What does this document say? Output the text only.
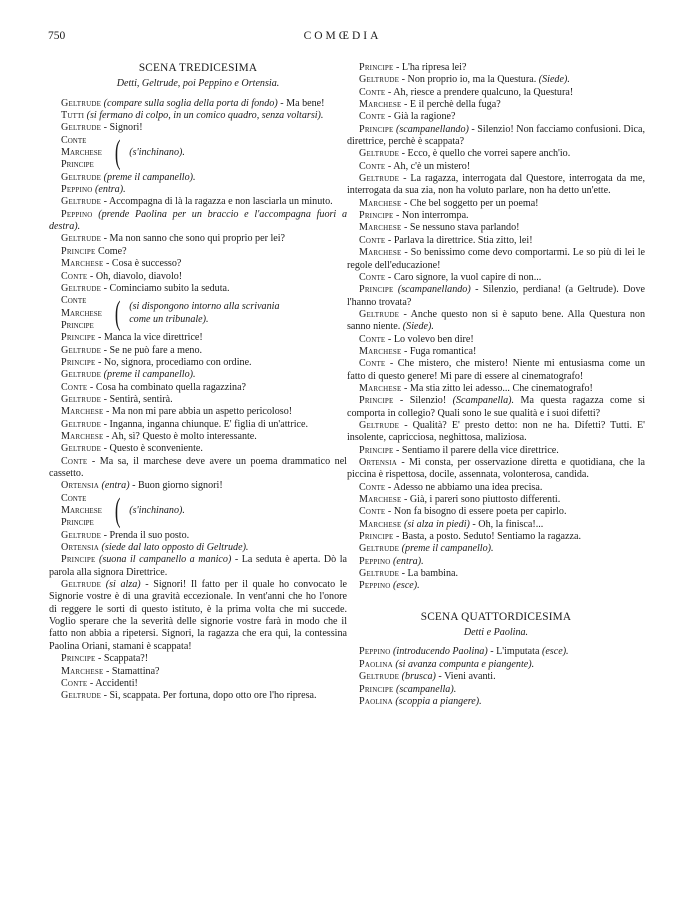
750	COMŒDIA
SCENA TREDICESIMA
Detti, Geltrude, poi Peppino e Ortensia.

Geltrude (compare sulla soglia della porta di fondo) - Ma bene!

Tutti (si fermano di colpo, in un comico quadro, senza voltarsi).

Geltrude - Signori!

Conte
Marchese
Principe ( (s'inchinano).

Geltrude (preme il campanello).

Peppino (entra).

Geltrude - Accompagna di là la ragazza e non lasciarla un minuto.

Peppino (prende Paolina per un braccio e l'accompagna fuori a destra).

Geltrude - Ma non sanno che sono qui proprio per lei?

Principe Come?

Marchese - Cosa è successo?

Conte - Oh, diavolo, diavolo!

Geltrude - Cominciamo subito la seduta.

Conte
Marchese
Principe ( (si dispongono intorno alla scrivania
come un tribunale).

Principe - Manca la vice direttrice!

Geltrude - Se ne può fare a meno.

Principe - No, signora, procediamo con ordine.

Geltrude (preme il campanello).

Conte - Cosa ha combinato quella ragazzina?

Geltrude - Sentirà, sentirà.

Marchese - Ma non mi pare abbia un aspetto pericoloso!

Geltrude - Inganna, inganna chiunque. E' figlia di un'attrice.

Marchese - Ah, sì? Questo è molto interessante.

Geltrude - Questo è sconveniente.

Conte - Ma sa, il marchese deve avere un poema drammatico nel cassetto.

Ortensia (entra) - Buon giorno signori!

Conte
Marchese
Principe ( (s'inchinano).

Geltrude - Prenda il suo posto.

Ortensia (siede dal lato opposto di Geltrude).

Principe (suona il campanello a manico) - La seduta è aperta. Dò la parola alla signora Direttrice.

Geltrude (si alza) - Signori! Il fatto per il quale ho convocato le Signorie vostre è di una gravità eccezionale. In vent'anni che ho l'onore di reggere le sorti di questo istituto, è la prima volta che mi succede. Voglio sperare che la severità delle signorie vostre farà in modo che il fatto non abbia a ripetersi. Signori, la ragazza che era qui, la contessina Paolina Oriani, stamani è scappata!

Principe - Scappata?!

Marchese - Stamattina?

Conte - Accidenti!

Geltrude - Sì, scappata. Per fortuna, dopo otto ore l'ho ripresa.

Principe - L'ha ripresa lei?

Geltrude - Non proprio io, ma la Questura. (Siede).

Conte - Ah, riesce a prendere qualcuno, la Questura!

Marchese - E il perchè della fuga?

Conte - Già la ragione?

Principe (scampanellando) - Silenzio! Non facciamo confusioni. Dica, direttrice, perchè è scappata?

Geltrude - Ecco, è quello che vorrei sapere anch'io.

Conte - Ah, c'è un mistero!

Geltrude - La ragazza, interrogata dal Questore, interrogata da me, interrogata da sua zia, non ha voluto parlare, non ha detto un'ette.

Marchese - Che bel soggetto per un poema!

Principe - Non interrompa.

Marchese - Se nessuno stava parlando!

Conte - Parlava la direttrice. Stia zitto, lei!

Marchese - So benissimo come devo comportarmi. Le so più di lei le regole dell'educazione!

Conte - Caro signore, la vuol capire di non...

Principe (scampanellando) - Silenzio, perdiana! (a Geltrude). Dove l'hanno trovata?

Geltrude - Anche questo non si è saputo bene. Alla Questura non sanno niente. (Siede).

Conte - Lo volevo ben dire!

Marchese - Fuga romantica!

Conte - Che mistero, che mistero! Niente mi entusiasma come un fatto di questo genere! Mi pare di essere al cinematografo!

Marchese - Ma stia zitto lei adesso... Che cinematografo!

Principe - Silenzio! (Scampanella). Ma questa ragazza come si comporta in collegio? Quali sono le sue qualità e i suoi difetti?

Geltrude - Qualità? E' presto detto: non ne ha. Difetti? Tutti. E' insolente, capricciosa, neghittosa, maliziosa.

Principe - Sentiamo il parere della vice direttrice.

Ortensia - Mi consta, per osservazione diretta e quotidiana, che la piccina è rispettosa, docile, assennata, volonterosa, candida.

Conte - Adesso ne abbiamo una idea precisa.

Marchese - Già, i pareri sono piuttosto differenti.

Conte - Non fa bisogno di essere poeta per capirlo.

Marchese (si alza in piedi) - Oh, la finisca!...

Principe - Basta, a posto. Seduto! Sentiamo la ragazza.

Geltrude (preme il campanello).

Peppino (entra).

Geltrude - La bambina.

Peppino (esce).

SCENA QUATTORDICESIMA
Detti e Paolina.

Peppino (introducendo Paolina) - L'imputata (esce).

Paolina (si avanza compunta e piangente).

Geltrude (brusca) - Vieni avanti.

Principe (scampanella).

Paolina (scoppia a piangere).
